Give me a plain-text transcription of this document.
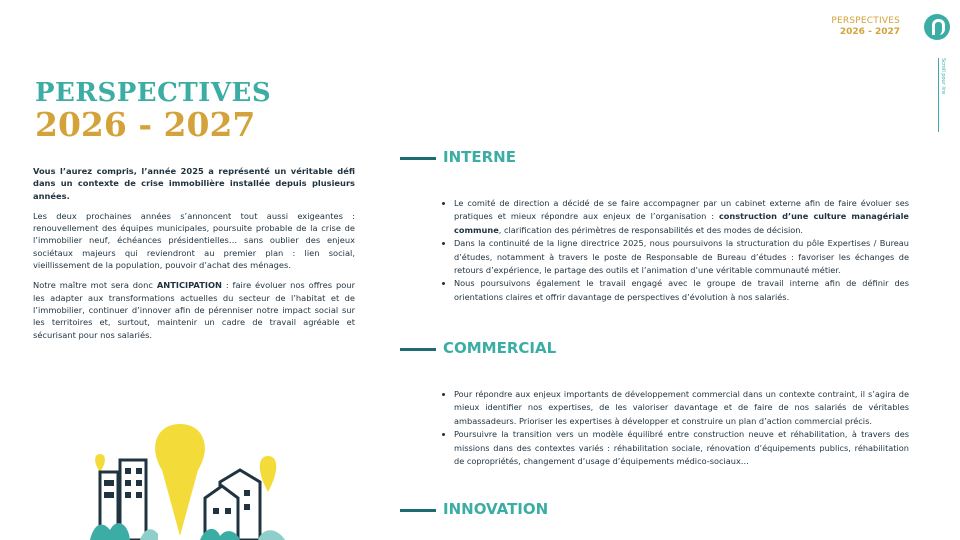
PERSPECTIVES
2026 - 2027
Scroll pour lire
PERSPECTIVES
2026 - 2027

Vous l’aurez compris, l’année 2025 a représenté un véritable défi dans un contexte de crise immobilière installée depuis plusieurs années.

Les deux prochaines années s’annoncent tout aussi exigeantes : renouvellement des équipes municipales, poursuite probable de la crise de l’immobilier neuf, échéances présidentielles… sans oublier des enjeux sociétaux majeurs qui reviendront au premier plan : lien social, vieillissement de la population, pouvoir d’achat des ménages.

Notre maître mot sera donc ANTICIPATION : faire évoluer nos offres pour les adapter aux transformations actuelles du secteur de l’habitat et de l’immobilier, continuer d’innover afin de pérenniser notre impact social sur les territoires et, surtout, maintenir un cadre de travail agréable et sécurisant pour nos salariés.

INTERNE
• Le comité de direction a décidé de se faire accompagner par un cabinet externe afin de faire évoluer ses pratiques et mieux répondre aux enjeux de l’organisation : construction d’une culture managériale commune, clarification des périmètres de responsabilités et des modes de décision.
• Dans la continuité de la ligne directrice 2025, nous poursuivons la structuration du pôle Expertises / Bureau d’études, notamment à travers le poste de Responsable de Bureau d’études : favoriser les échanges de retours d’expérience, le partage des outils et l’animation d’une véritable communauté métier.
• Nous poursuivons également le travail engagé avec le groupe de travail interne afin de définir des orientations claires et offrir davantage de perspectives d’évolution à nos salariés.
COMMERCIAL
• Pour répondre aux enjeux importants de développement commercial dans un contexte contraint, il s’agira de mieux identifier nos expertises, de les valoriser davantage et de faire de nos salariés de véritables ambassadeurs. Prioriser les expertises à développer et construire un plan d’action commercial précis.
• Poursuivre la transition vers un modèle équilibré entre construction neuve et réhabilitation, à travers des missions dans des contextes variés : réhabilitation sociale, rénovation d’équipements publics, réhabilitation de copropriétés, changement d’usage d’équipements médico-sociaux…
INNOVATION
